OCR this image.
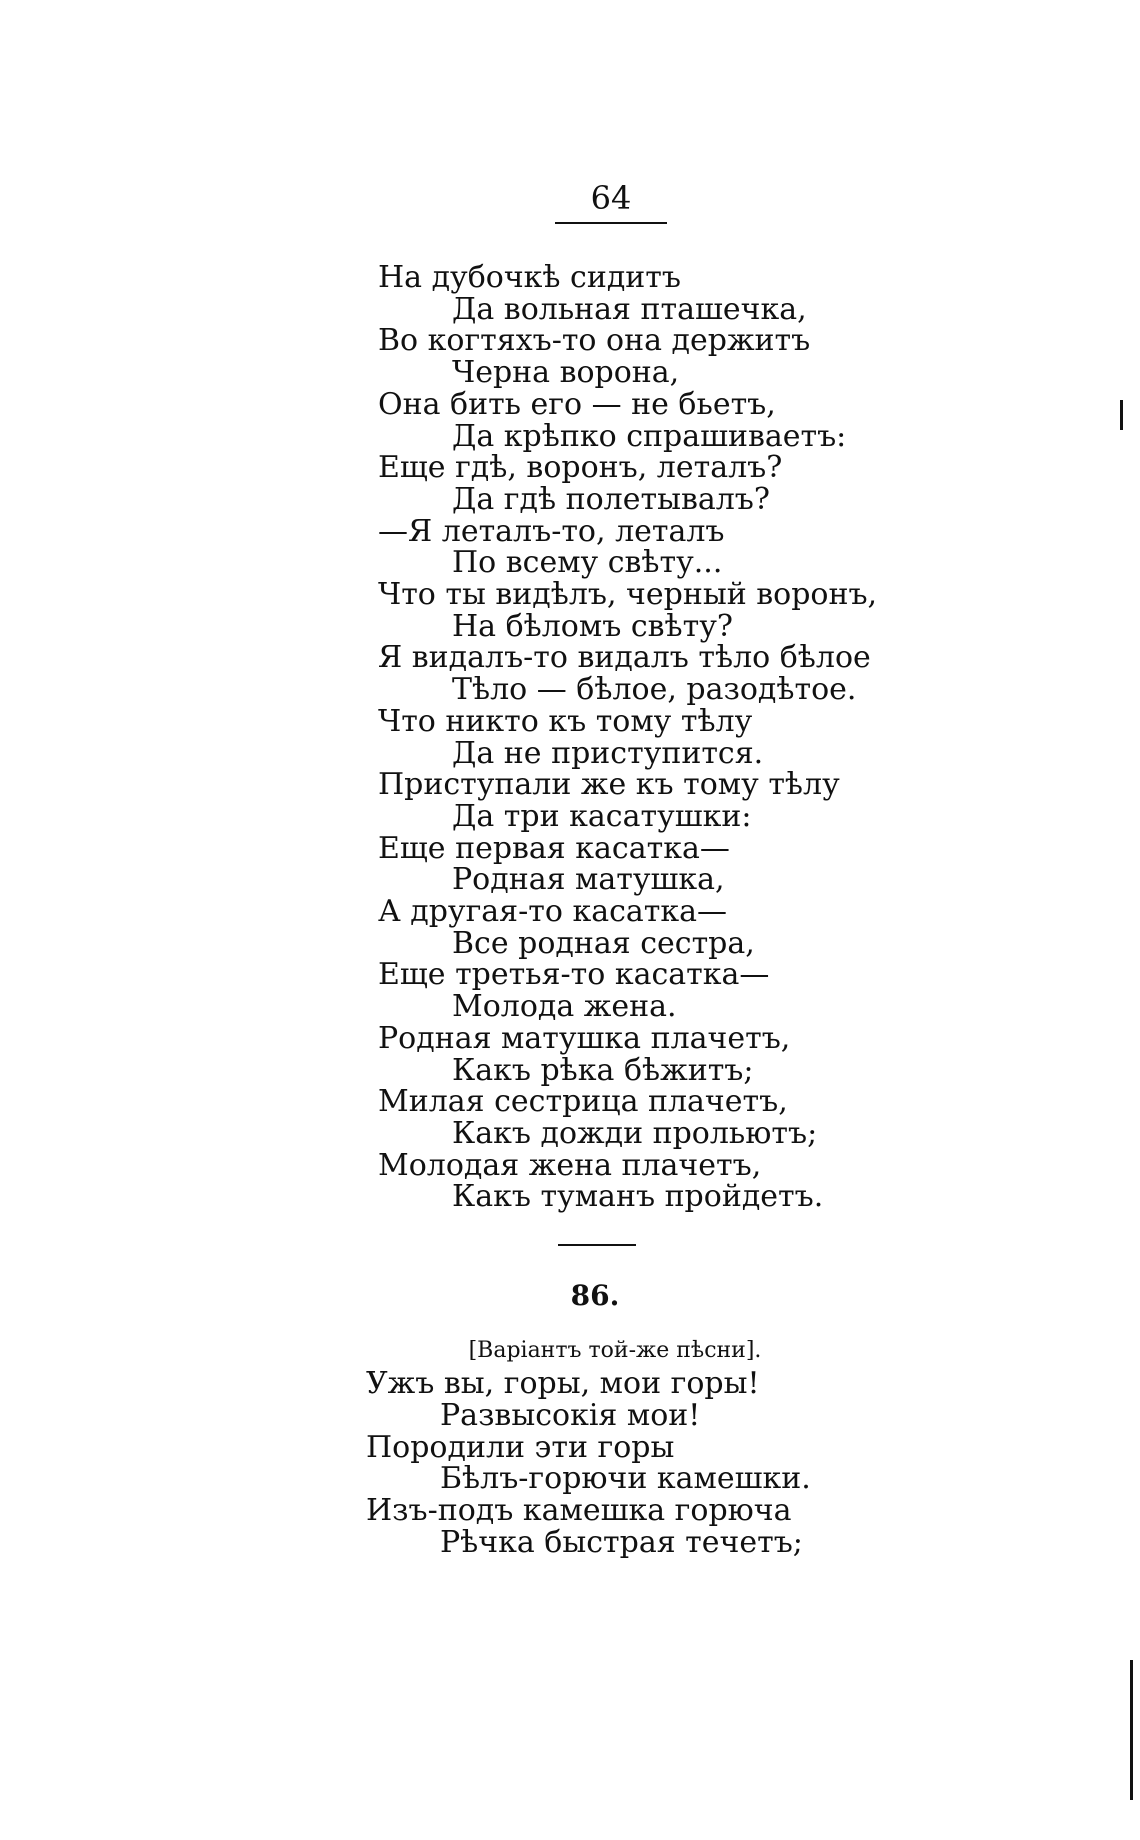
64
На дубочкѣ сидитъ
Да вольная пташечка,
Во когтяхъ-то она держитъ
Черна ворона,
Она бить его — не бьетъ,
Да крѣпко спрашиваетъ:
Еще гдѣ, воронъ, леталъ?
Да гдѣ полетывалъ?
—Я леталъ-то, леталъ
По всему свѣту...
Что ты видѣлъ, черный воронъ,
На бѣломъ свѣту?
Я видалъ-то видалъ тѣло бѣлое
Тѣло — бѣлое, разодѣтое.
Что никто къ тому тѣлу
Да не приступится.
Приступали же къ тому тѣлу
Да три касатушки:
Еще первая касатка—
Родная матушка,
А другая-то касатка—
Все родная сестра,
Еще третья-то касатка—
Молода жена.
Родная матушка плачетъ,
Какъ рѣка бѣжитъ;
Милая сестрица плачетъ,
Какъ дожди прольютъ;
Молодая жена плачетъ,
Какъ туманъ пройдетъ.
86.
[Варіантъ той-же пѣсни].
Ужъ вы, горы, мои горы!
Развысокія мои!
Породили эти горы
Бѣлъ-горючи камешки.
Изъ-подъ камешка горюча
Рѣчка быстрая течетъ;
